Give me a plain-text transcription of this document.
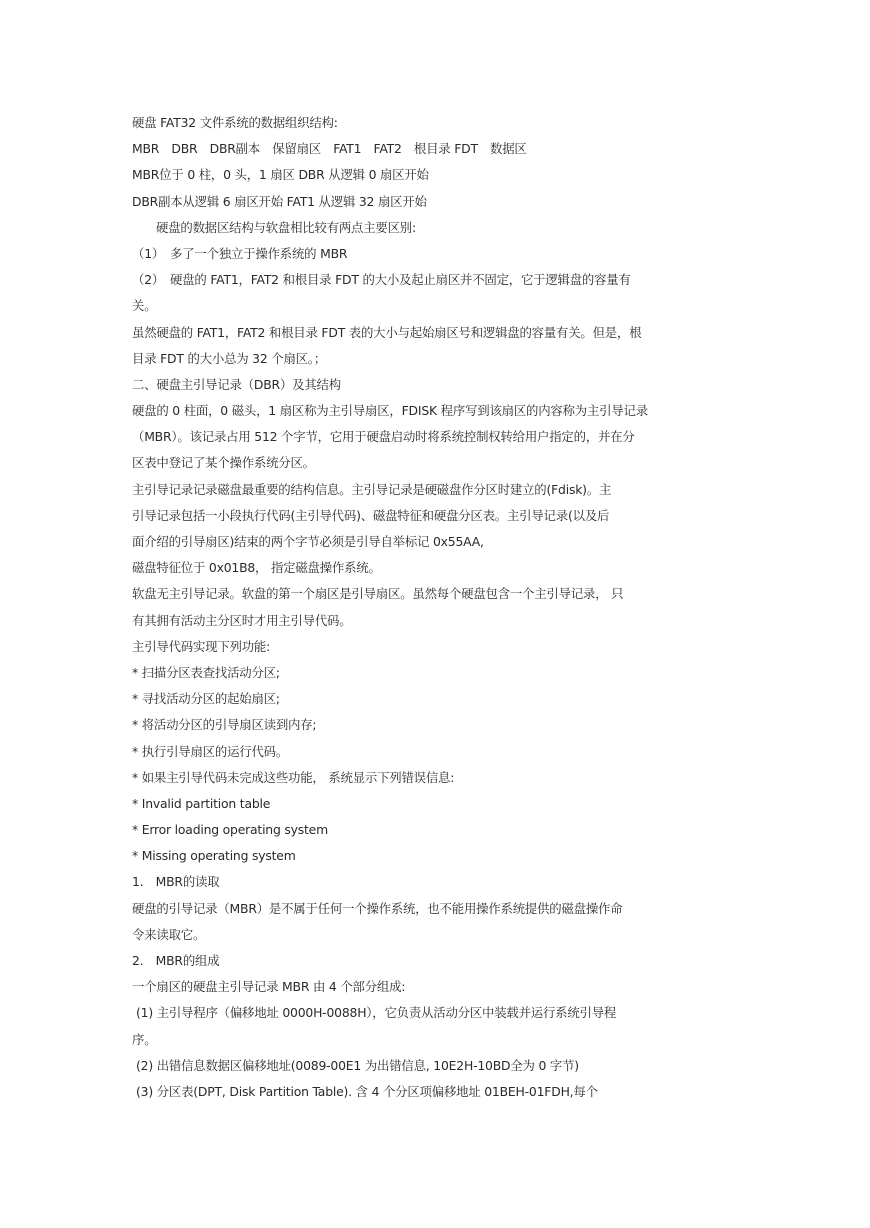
硬盘 FAT32 文件系统的数据组织结构:
MBR　DBR　DBR副本　保留扇区　FAT1　FAT2　根目录 FDT　数据区
MBR位于 0 柱，0 头，1 扇区 DBR 从逻辑 0 扇区开始
DBR副本从逻辑 6 扇区开始 FAT1 从逻辑 32 扇区开始
硬盘的数据区结构与软盘相比较有两点主要区别:
（1）　多了一个独立于操作系统的 MBR
（2）　硬盘的 FAT1，FAT2 和根目录 FDT 的大小及起止扇区并不固定，它于逻辑盘的容量有
关。
虽然硬盘的 FAT1，FAT2 和根目录 FDT 表的大小与起始扇区号和逻辑盘的容量有关。但是，根
目录 FDT 的大小总为 32 个扇区。；
二、硬盘主引导记录（DBR）及其结构
硬盘的 0 柱面，0 磁头，1 扇区称为主引导扇区，FDISK 程序写到该扇区的内容称为主引导记录
（MBR）。该记录占用 512 个字节，它用于硬盘启动时将系统控制权转给用户指定的，并在分
区表中登记了某个操作系统分区。
主引导记录记录磁盘最重要的结构信息。主引导记录是硬磁盘作分区时建立的(Fdisk)。主
引导记录包括一小段执行代码(主引导代码)、磁盘特征和硬盘分区表。主引导记录(以及后
面介绍的引导扇区)结束的两个字节必须是引导自举标记 0x55AA,
磁盘特征位于 0x01B8， 指定磁盘操作系统。
软盘无主引导记录。软盘的第一个扇区是引导扇区。虽然每个硬盘包含一个主引导记录， 只
有其拥有活动主分区时才用主引导代码。
主引导代码实现下列功能:
* 扫描分区表查找活动分区;
* 寻找活动分区的起始扇区;
* 将活动分区的引导扇区读到内存;
* 执行引导扇区的运行代码。
* 如果主引导代码未完成这些功能， 系统显示下列错误信息:
* Invalid partition table
* Error loading operating system
* Missing operating system
1.　MBR的读取
硬盘的引导记录（MBR）是不属于任何一个操作系统，也不能用操作系统提供的磁盘操作命
令来读取它。
2.　MBR的组成
一个扇区的硬盘主引导记录 MBR 由 4 个部分组成:
(1) 主引导程序（偏移地址 0000H-0088H），它负责从活动分区中装载并运行系统引导程
序。
(2) 出错信息数据区偏移地址(0089-00E1 为出错信息, 10E2H-10BD全为 0 字节)
(3) 分区表(DPT, Disk Partition Table). 含 4 个分区项偏移地址 01BEH-01FDH,每个
